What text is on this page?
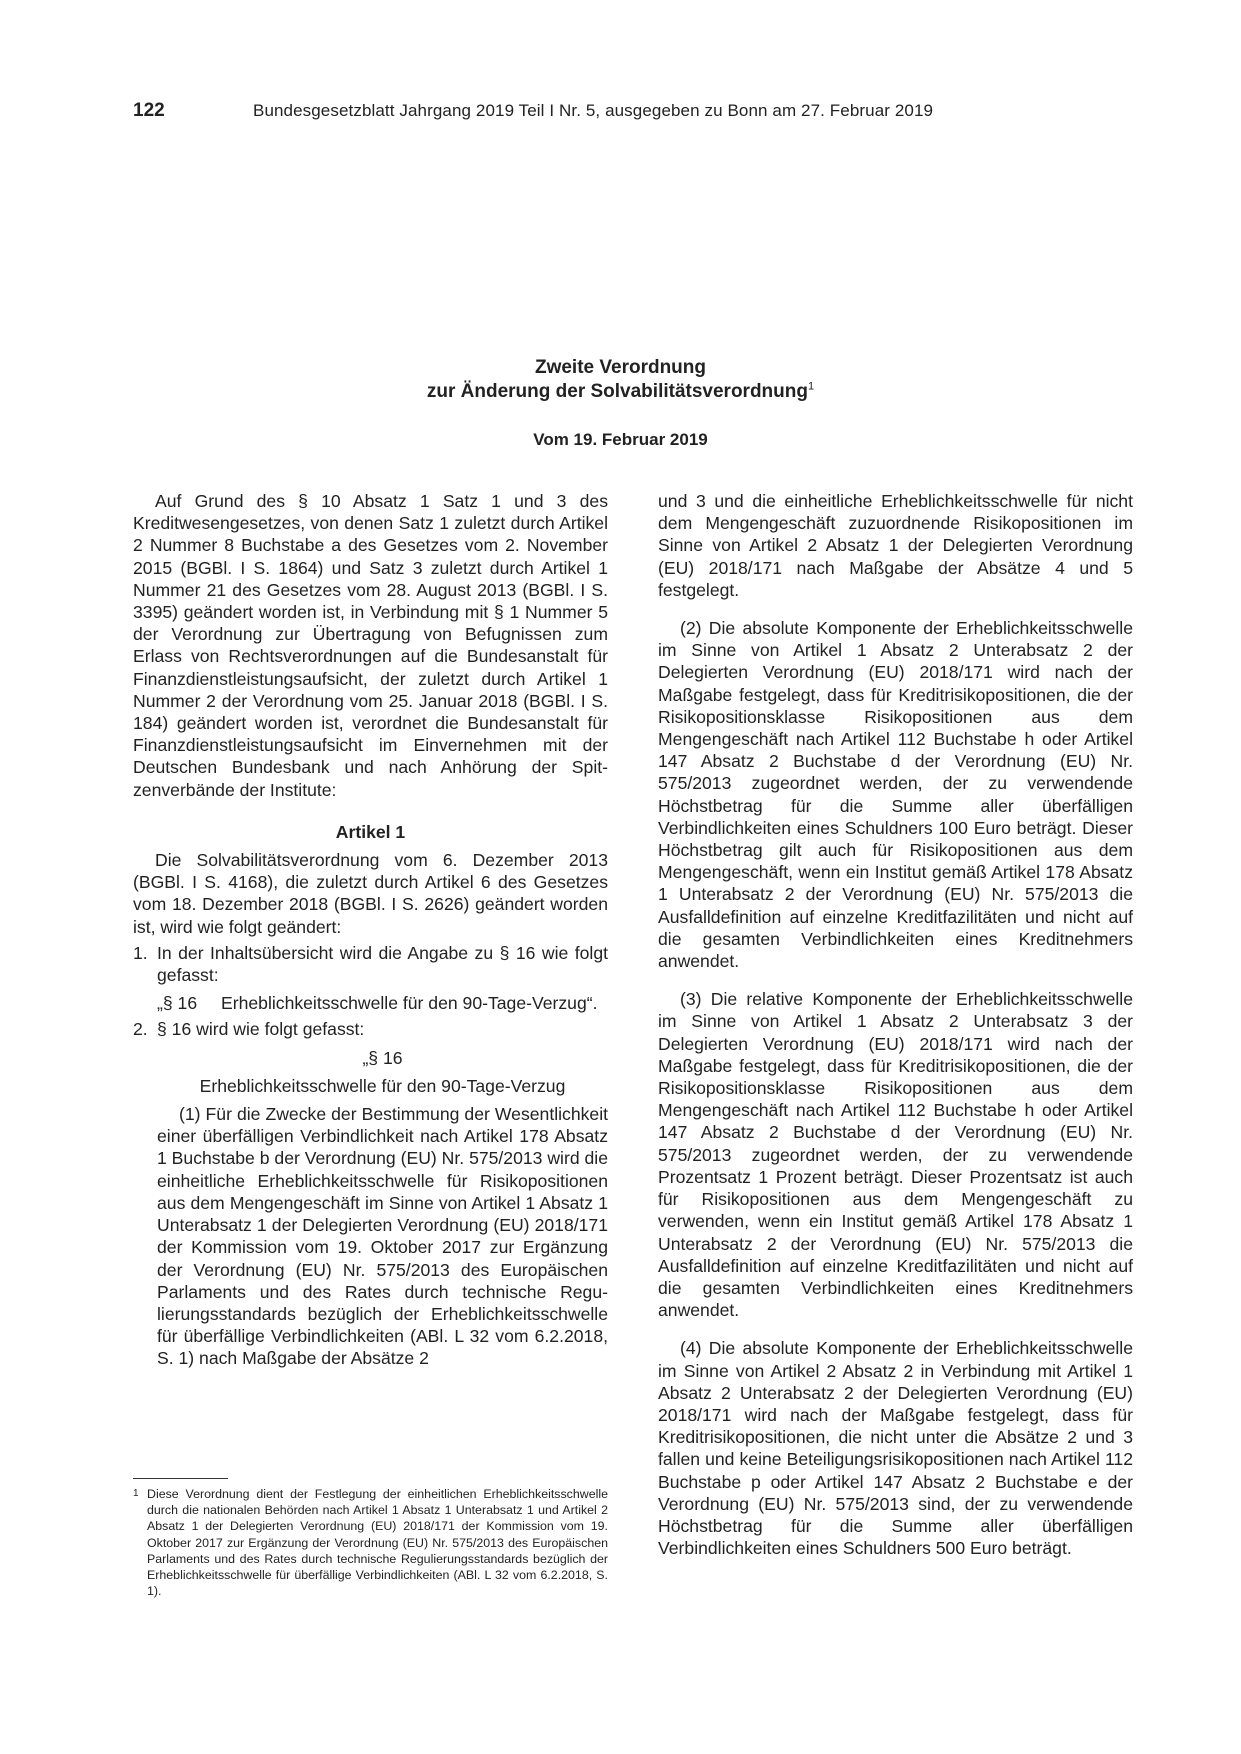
122	Bundesgesetzblatt Jahrgang 2019 Teil I Nr. 5, ausgegeben zu Bonn am 27. Februar 2019
Zweite Verordnung
zur Änderung der Solvabilitätsverordnung$^1$
Vom 19. Februar 2019

Auf Grund des § 10 Absatz 1 Satz 1 und 3 des Kreditwesengesetzes, von denen Satz 1 zuletzt durch Artikel 2 Nummer 8 Buchstabe a des Gesetzes vom 2. November 2015 (BGBl. I S. 1864) und Satz 3 zuletzt durch Artikel 1 Nummer 21 des Gesetzes vom 28. August 2013 (BGBl. I S. 3395) geändert worden ist, in Verbindung mit § 1 Nummer 5 der Verordnung zur Übertragung von Befugnissen zum Erlass von Rechtsverordnungen auf die Bundesanstalt für Finanzdienstleistungsaufsicht, der zuletzt durch Artikel 1 Nummer 2 der Verordnung vom 25. Januar 2018 (BGBl. I S. 184) geändert worden ist, verordnet die Bundesanstalt für Finanzdienstleistungsaufsicht im Einvernehmen mit der Deutschen Bundesbank und nach Anhörung der Spitzenverbände der Institute:

Artikel 1

Die Solvabilitätsverordnung vom 6. Dezember 2013 (BGBl. I S. 4168), die zuletzt durch Artikel 6 des Gesetzes vom 18. Dezember 2018 (BGBl. I S. 2626) geändert worden ist, wird wie folgt geändert:

1. In der Inhaltsübersicht wird die Angabe zu § 16 wie folgt gefasst:
„§ 16	Erheblichkeitsschwelle für den 90-Tage-Verzug“.
2. § 16 wird wie folgt gefasst:

„§ 16

Erheblichkeitsschwelle für den 90-Tage-Verzug

(1) Für die Zwecke der Bestimmung der Wesentlichkeit einer überfälligen Verbindlichkeit nach Artikel 178 Absatz 1 Buchstabe b der Verordnung (EU) Nr. 575/2013 wird die einheitliche Erheblichkeitsschwelle für Risikopositionen aus dem Mengengeschäft im Sinne von Artikel 1 Absatz 1 Unterabsatz 1 der Delegierten Verordnung (EU) 2018/171 der Kommission vom 19. Oktober 2017 zur Ergänzung der Verordnung (EU) Nr. 575/2013 des Europäischen Parlaments und des Rates durch technische Regulierungsstandards bezüglich der Erheblichkeitsschwelle für überfällige Verbindlichkeiten (ABl. L 32 vom 6.2.2018, S. 1) nach Maßgabe der Absätze 2

und 3 und die einheitliche Erheblichkeitsschwelle für nicht dem Mengengeschäft zuzuordnende Risikopositionen im Sinne von Artikel 2 Absatz 1 der Delegierten Verordnung (EU) 2018/171 nach Maßgabe der Absätze 4 und 5 festgelegt.

(2) Die absolute Komponente der Erheblichkeitsschwelle im Sinne von Artikel 1 Absatz 2 Unterabsatz 2 der Delegierten Verordnung (EU) 2018/171 wird nach der Maßgabe festgelegt, dass für Kreditrisikopositionen, die der Risikopositionsklasse Risikopositionen aus dem Mengengeschäft nach Artikel 112 Buchstabe h oder Artikel 147 Absatz 2 Buchstabe d der Verordnung (EU) Nr. 575/2013 zugeordnet werden, der zu verwendende Höchstbetrag für die Summe aller überfälligen Verbindlichkeiten eines Schuldners 100 Euro beträgt. Dieser Höchstbetrag gilt auch für Risikopositionen aus dem Mengengeschäft, wenn ein Institut gemäß Artikel 178 Absatz 1 Unterabsatz 2 der Verordnung (EU) Nr. 575/2013 die Ausfalldefinition auf einzelne Kreditfazilitäten und nicht auf die gesamten Verbindlichkeiten eines Kreditnehmers anwendet.

(3) Die relative Komponente der Erheblichkeitsschwelle im Sinne von Artikel 1 Absatz 2 Unterabsatz 3 der Delegierten Verordnung (EU) 2018/171 wird nach der Maßgabe festgelegt, dass für Kreditrisikopositionen, die der Risikopositionsklasse Risikopositionen aus dem Mengengeschäft nach Artikel 112 Buchstabe h oder Artikel 147 Absatz 2 Buchstabe d der Verordnung (EU) Nr. 575/2013 zugeordnet werden, der zu verwendende Prozentsatz 1 Prozent beträgt. Dieser Prozentsatz ist auch für Risikopositionen aus dem Mengengeschäft zu verwenden, wenn ein Institut gemäß Artikel 178 Absatz 1 Unterabsatz 2 der Verordnung (EU) Nr. 575/2013 die Ausfalldefinition auf einzelne Kreditfazilitäten und nicht auf die gesamten Verbindlichkeiten eines Kreditnehmers anwendet.

(4) Die absolute Komponente der Erheblichkeitsschwelle im Sinne von Artikel 2 Absatz 2 in Verbindung mit Artikel 1 Absatz 2 Unterabsatz 2 der Delegierten Verordnung (EU) 2018/171 wird nach der Maßgabe festgelegt, dass für Kreditrisikopositionen, die nicht unter die Absätze 2 und 3 fallen und keine Beteiligungsrisikopositionen nach Artikel 112 Buchstabe p oder Artikel 147 Absatz 2 Buchstabe e der Verordnung (EU) Nr. 575/2013 sind, der zu verwendende Höchstbetrag für die Summe aller überfälligen Verbindlichkeiten eines Schuldners 500 Euro beträgt.

1 Diese Verordnung dient der Festlegung der einheitlichen Erheblichkeitsschwelle durch die nationalen Behörden nach Artikel 1 Absatz 1 Unterabsatz 1 und Artikel 2 Absatz 1 der Delegierten Verordnung (EU) 2018/171 der Kommission vom 19. Oktober 2017 zur Ergänzung der Verordnung (EU) Nr. 575/2013 des Europäischen Parlaments und des Rates durch technische Regulierungsstandards bezüglich der Erheblichkeitsschwelle für überfällige Verbindlichkeiten (ABl. L 32 vom 6.2.2018, S. 1).
